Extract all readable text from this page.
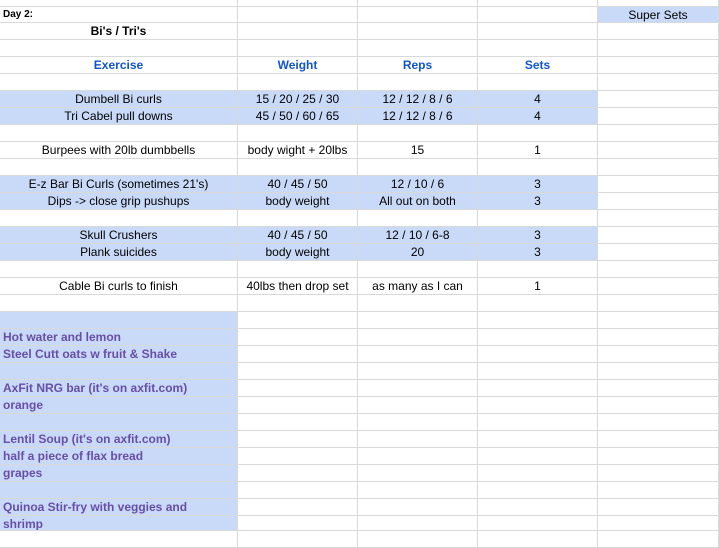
Day 2:	Super Sets
Bi's / Tri's
Exercise	Weight	Reps	Sets
Dumbell Bi curls	15 / 20 / 25 / 30	12 / 12 / 8 / 6	4
Tri Cabel pull downs	45 / 50 / 60 / 65	12 / 12 / 8 / 6	4
Burpees with 20lb dumbbells	body wight + 20lbs	15	1
E-z Bar Bi Curls (sometimes 21's)	40 / 45 / 50	12 / 10 / 6	3
Dips -> close grip pushups	body weight	All out on both	3
Skull Crushers	40 / 45 / 50	12 / 10 / 6-8	3
Plank suicides	body weight	20	3
Cable Bi curls to finish	40lbs then drop set	as many as I can	1
Hot water and lemon
Steel Cutt oats w fruit & Shake
AxFit NRG bar (it's on axfit.com)
orange
Lentil Soup (it's on axfit.com)
half a piece of flax bread
grapes
Quinoa Stir-fry with veggies and
shrimp
